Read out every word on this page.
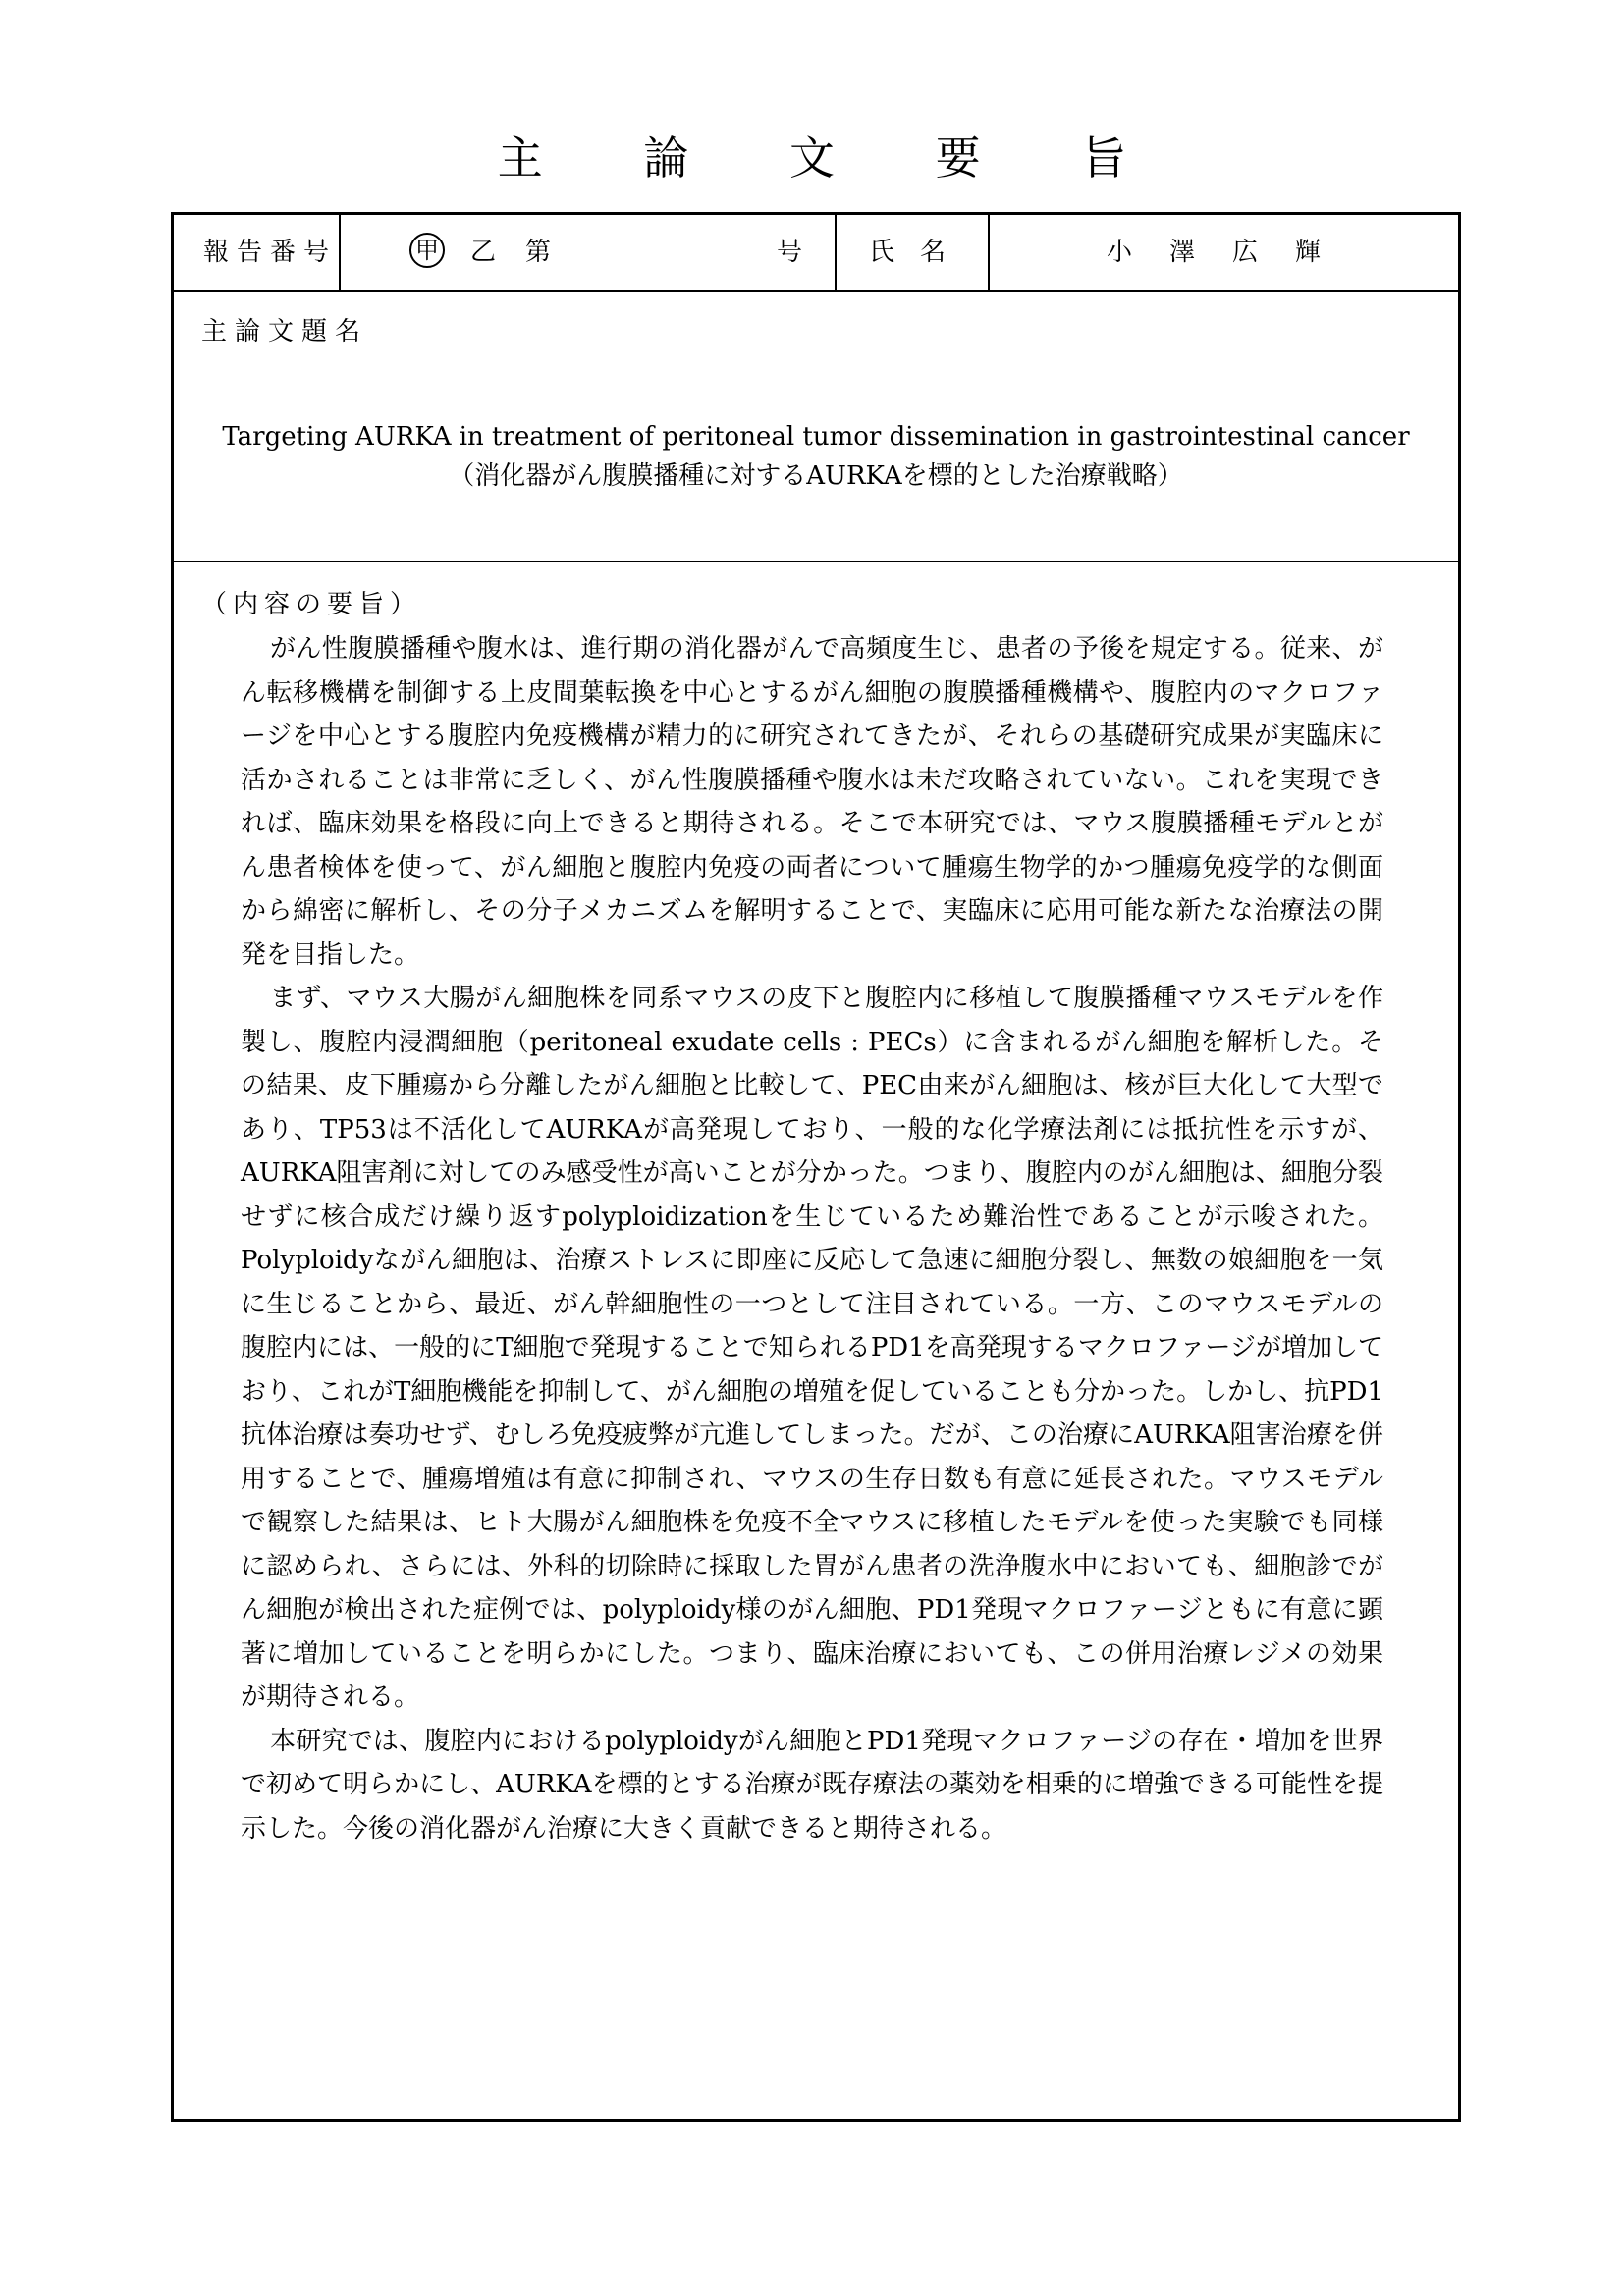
主 論 文 要 旨
報告番号	甲 乙 第	号	氏　名	小　澤　広　輝
主論文題名
Targeting AURKA in treatment of peritoneal tumor dissemination in gastrointestinal cancer
（消化器がん腹膜播種に対するAURKAを標的とした治療戦略）
（内容の要旨）

がん性腹膜播種や腹水は、進行期の消化器がんで高頻度生じ、患者の予後を規定する。従来、がん転移機構を制御する上皮間葉転換を中心とするがん細胞の腹膜播種機構や、腹腔内のマクロファージを中心とする腹腔内免疫機構が精力的に研究されてきたが、それらの基礎研究成果が実臨床に活かされることは非常に乏しく、がん性腹膜播種や腹水は未だ攻略されていない。これを実現できれば、臨床効果を格段に向上できると期待される。そこで本研究では、マウス腹膜播種モデルとがん患者検体を使って、がん細胞と腹腔内免疫の両者について腫瘍生物学的かつ腫瘍免疫学的な側面から綿密に解析し、その分子メカニズムを解明することで、実臨床に応用可能な新たな治療法の開発を目指した。

まず、マウス大腸がん細胞株を同系マウスの皮下と腹腔内に移植して腹膜播種マウスモデルを作製し、腹腔内浸潤細胞（peritoneal exudate cells : PECs）に含まれるがん細胞を解析した。その結果、皮下腫瘍から分離したがん細胞と比較して、PEC由来がん細胞は、核が巨大化して大型であり、TP53は不活化してAURKAが高発現しており、一般的な化学療法剤には抵抗性を示すが、AURKA阻害剤に対してのみ感受性が高いことが分かった。つまり、腹腔内のがん細胞は、細胞分裂せずに核合成だけ繰り返すpolyploidizationを生じているため難治性であることが示唆された。Polyploidyながん細胞は、治療ストレスに即座に反応して急速に細胞分裂し、無数の娘細胞を一気に生じることから、最近、がん幹細胞性の一つとして注目されている。一方、このマウスモデルの腹腔内には、一般的にT細胞で発現することで知られるPD1を高発現するマクロファージが増加しており、これがT細胞機能を抑制して、がん細胞の増殖を促していることも分かった。しかし、抗PD1抗体治療は奏功せず、むしろ免疫疲弊が亢進してしまった。だが、この治療にAURKA阻害治療を併用することで、腫瘍増殖は有意に抑制され、マウスの生存日数も有意に延長された。マウスモデルで観察した結果は、ヒト大腸がん細胞株を免疫不全マウスに移植したモデルを使った実験でも同様に認められ、さらには、外科的切除時に採取した胃がん患者の洗浄腹水中においても、細胞診でがん細胞が検出された症例では、polyploidy様のがん細胞、PD1発現マクロファージともに有意に顕著に増加していることを明らかにした。つまり、臨床治療においても、この併用治療レジメの効果が期待される。

本研究では、腹腔内におけるpolyploidyがん細胞とPD1発現マクロファージの存在・増加を世界で初めて明らかにし、AURKAを標的とする治療が既存療法の薬効を相乗的に増強できる可能性を提示した。今後の消化器がん治療に大きく貢献できると期待される。
